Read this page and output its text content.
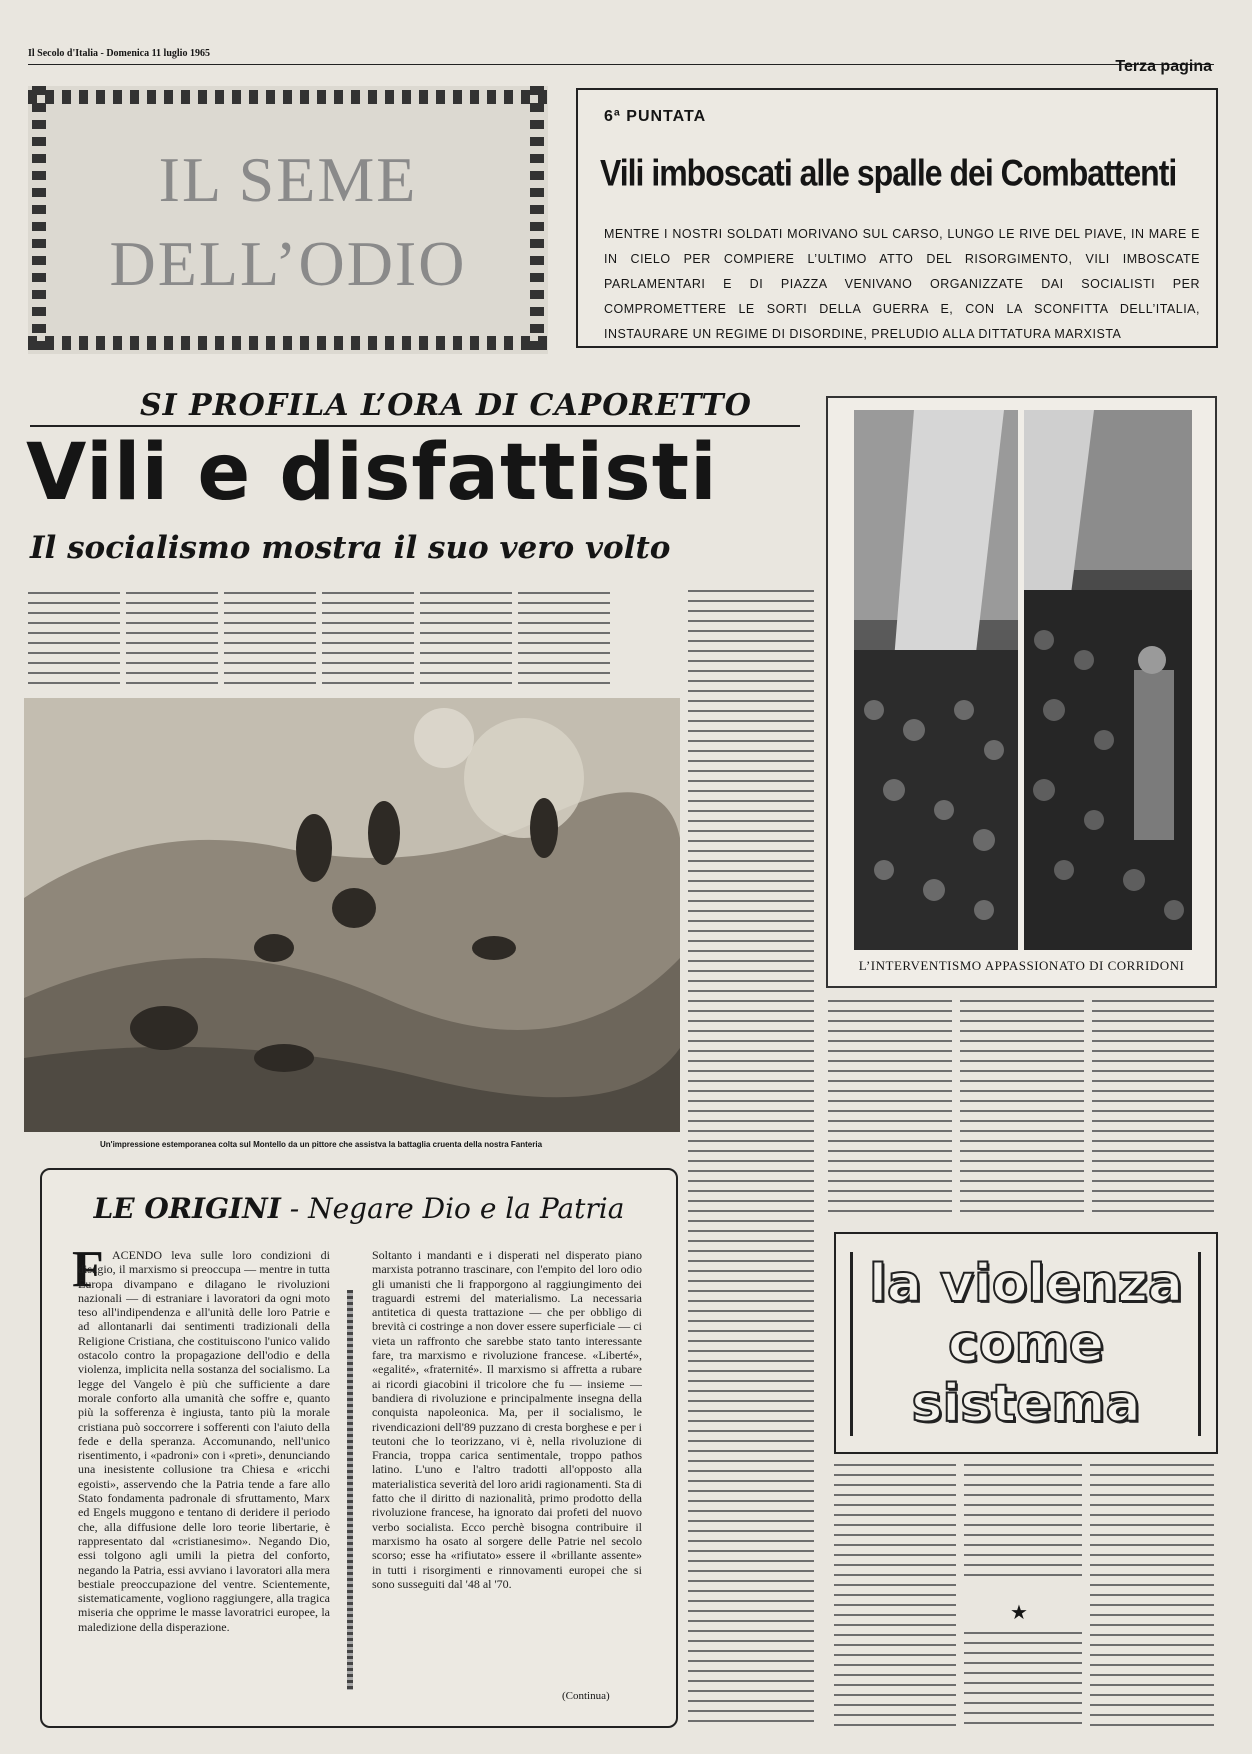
Il Secolo d'Italia - Domenica 11 luglio 1965
Terza pagina
IL SEME
DELL’ODIO
6ª PUNTATA
Vili imboscati alle spalle dei Combattenti
MENTRE I NOSTRI SOLDATI MORIVANO SUL CARSO, LUNGO LE RIVE DEL PIAVE, IN MARE E IN CIELO PER COMPIERE L’ULTIMO ATTO DEL RISORGIMENTO, VILI IMBOSCATE PARLAMENTARI E DI PIAZZA VENIVANO ORGANIZZATE DAI SOCIALISTI PER COMPROMETTERE LE SORTI DELLA GUERRA E, CON LA SCONFITTA DELL’ITALIA, INSTAURARE UN REGIME DI DISORDINE, PRELUDIO ALLA DITTATURA MARXISTA
SI PROFILA L’ORA DI CAPORETTO
Vili e disfattisti
Il socialismo mostra il suo vero volto
Un'impressione estemporanea colta sul Montello da un pittore che assistva la battaglia cruenta della nostra Fanteria
L’INTERVENTISMO APPASSIONATO DI CORRIDONI
★
LE ORIGINI - Negare Dio e la Patria
F ACENDO leva sulle loro condizioni di disagio, il marxismo si preoccupa — mentre in tutta Europa divampano e dilagano le rivoluzioni nazionali — di estraniare i lavoratori da ogni moto teso all'indipendenza e all'unità delle loro Patrie e ad allontanarli dai sentimenti tradizionali della Religione Cristiana, che costituiscono l'unico valido ostacolo contro la propagazione dell'odio e della violenza, implicita nella sostanza del socialismo. La legge del Vangelo è più che sufficiente a dare morale conforto alla umanità che soffre e, quanto più la sofferenza è ingiusta, tanto più la morale cristiana può soccorrere i sofferenti con l'aiuto della fede e della speranza. Accomunando, nell'unico risentimento, i «padroni» con i «preti», denunciando una inesistente collusione tra Chiesa e «ricchi egoisti», asservendo che la Patria tende a fare allo Stato fondamenta padronale di sfruttamento, Marx ed Engels muggono e tentano di deridere il periodo che, alla diffusione delle loro teorie libertarie, è rappresentato dal «cristianesimo». Negando Dio, essi tolgono agli umili la pietra del conforto, negando la Patria, essi avviano i lavoratori alla mera bestiale preoccupazione del ventre. Scientemente, sistematicamente, vogliono raggiungere, alla tragica miseria che opprime le masse lavoratrici europee, la maledizione della disperazione.
Soltanto i mandanti e i disperati nel disperato piano marxista potranno trascinare, con l'empito del loro odio gli umanisti che li frapporgono al raggiungimento dei traguardi estremi del materialismo. La necessaria antitetica di questa trattazione — che per obbligo di brevità ci costringe a non dover essere superficiale — ci vieta un raffronto che sarebbe stato tanto interessante fare, tra marxismo e rivoluzione francese. «Liberté», «egalité», «fraternité». Il marxismo si affretta a rubare ai ricordi giacobini il tricolore che fu — insieme — bandiera di rivoluzione e principalmente insegna della conquista napoleonica. Ma, per il socialismo, le rivendicazioni dell'89 puzzano di cresta borghese e per i teutoni che lo teorizzano, vi è, nella rivoluzione di Francia, troppa carica sentimentale, troppo pathos latino. L'uno e l'altro tradotti all'opposto alla materialistica severità del loro aridi ragionamenti. Sta di fatto che il diritto di nazionalità, primo prodotto della rivoluzione francese, ha ignorato dai profeti del nuovo verbo socialista. Ecco perchè bisogna contribuire il marxismo ha osato al sorgere delle Patrie nel secolo scorso; esse ha «rifiutato» essere il «brillante assente» in tutti i risorgimenti e rinnovamenti europei che si sono susseguiti dal '48 al '70.
(Continua)
la violenza
come
sistema
